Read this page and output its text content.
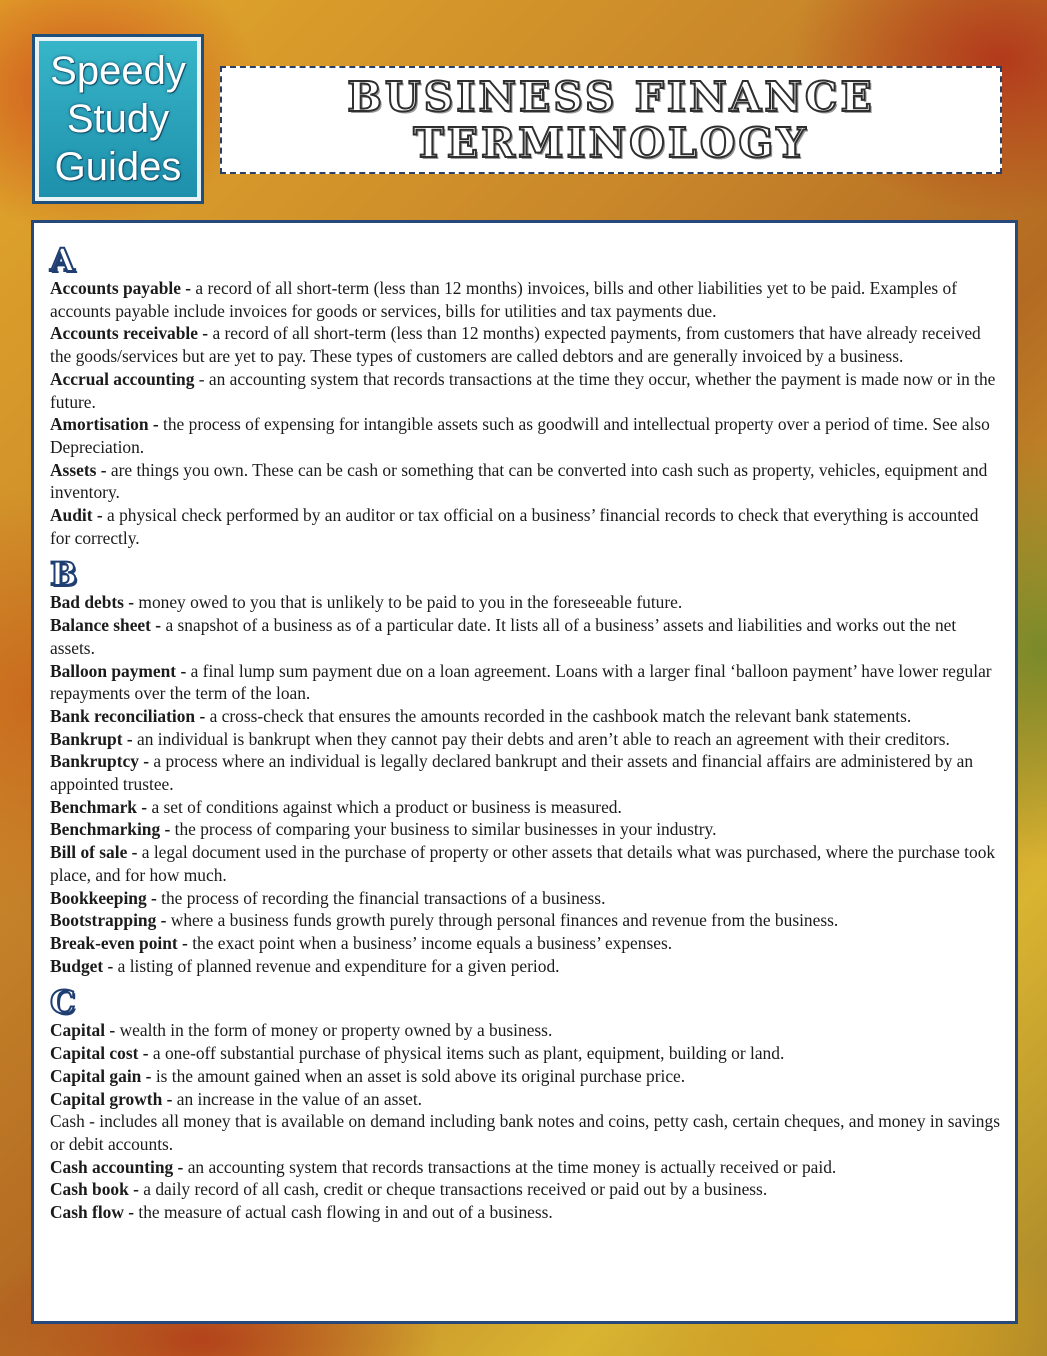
Speedy
Study
Guides
BUSINESS FINANCE
TERMINOLOGY
A

Accounts payable - a record of all short-term (less than 12 months) invoices, bills and other liabilities yet to be paid. Examples of accounts payable include invoices for goods or services, bills for utilities and tax payments due.

Accounts receivable - a record of all short-term (less than 12 months) expected payments, from customers that have already received the goods/services but are yet to pay. These types of customers are called debtors and are generally invoiced by a business.

Accrual accounting - an accounting system that records transactions at the time they occur, whether the payment is made now or in the future.

Amortisation - the process of expensing for intangible assets such as goodwill and intellectual property over a period of time. See also Depreciation.

Assets - are things you own. These can be cash or something that can be converted into cash such as property, vehicles, equipment and inventory.

Audit - a physical check performed by an auditor or tax official on a business’ financial records to check that everything is accounted for correctly.

B

Bad debts - money owed to you that is unlikely to be paid to you in the foreseeable future.

Balance sheet - a snapshot of a business as of a particular date. It lists all of a business’ assets and liabilities and works out the net assets.

Balloon payment - a final lump sum payment due on a loan agreement. Loans with a larger final ‘balloon payment’ have lower regular repayments over the term of the loan.

Bank reconciliation - a cross-check that ensures the amounts recorded in the cashbook match the relevant bank statements.

Bankrupt - an individual is bankrupt when they cannot pay their debts and aren’t able to reach an agreement with their creditors.

Bankruptcy - a process where an individual is legally declared bankrupt and their assets and financial affairs are administered by an appointed trustee.

Benchmark - a set of conditions against which a product or business is measured.

Benchmarking - the process of comparing your business to similar businesses in your industry.

Bill of sale - a legal document used in the purchase of property or other assets that details what was purchased, where the purchase took place, and for how much.

Bookkeeping - the process of recording the financial transactions of a business.

Bootstrapping - where a business funds growth purely through personal finances and revenue from the business.

Break-even point - the exact point when a business’ income equals a business’ expenses.

Budget - a listing of planned revenue and expenditure for a given period.

C

Capital - wealth in the form of money or property owned by a business.

Capital cost - a one-off substantial purchase of physical items such as plant, equipment, building or land.

Capital gain - is the amount gained when an asset is sold above its original purchase price.

Capital growth - an increase in the value of an asset.

Cash - includes all money that is available on demand including bank notes and coins, petty cash, certain cheques, and money in savings or debit accounts.

Cash accounting - an accounting system that records transactions at the time money is actually received or paid.

Cash book - a daily record of all cash, credit or cheque transactions received or paid out by a business.

Cash flow - the measure of actual cash flowing in and out of a business.
